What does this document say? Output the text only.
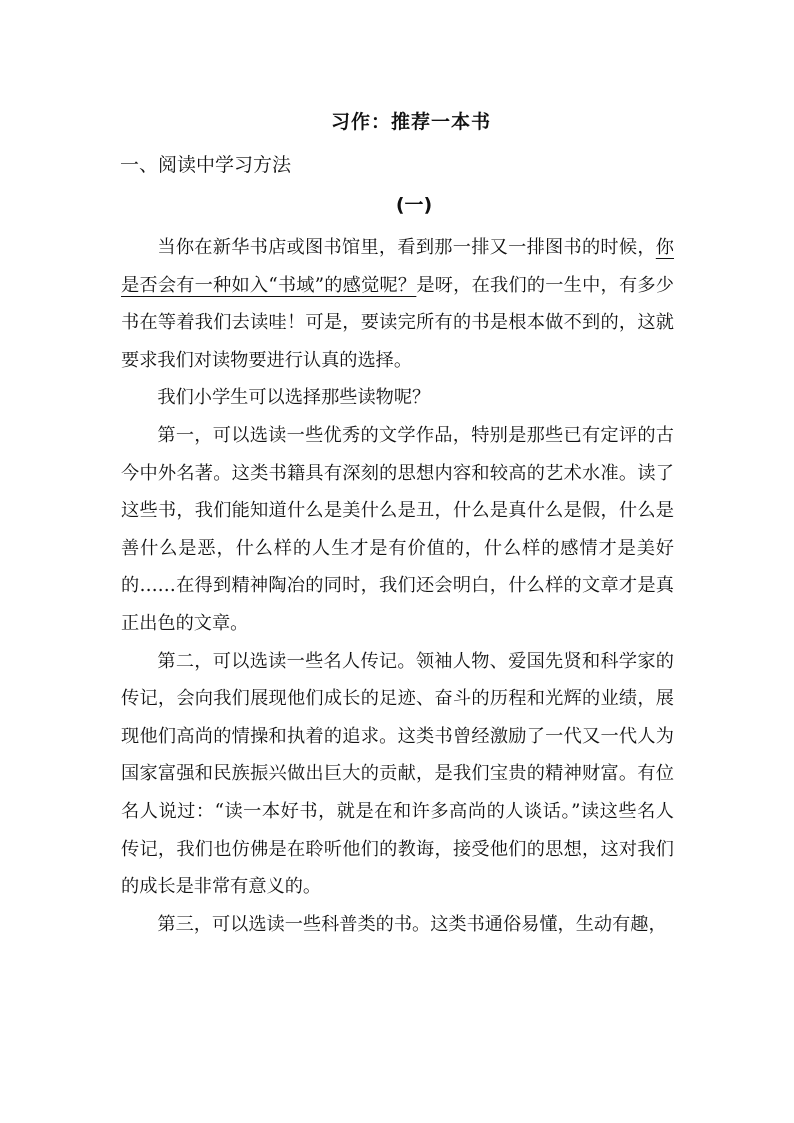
习作：推荐一本书
一、阅读中学习方法
(一)

当你在新华书店或图书馆里，看到那一排又一排图书的时候，你是否会有一种如入“书域”的感觉呢？是呀，在我们的一生中，有多少书在等着我们去读哇！可是，要读完所有的书是根本做不到的，这就要求我们对读物要进行认真的选择。

我们小学生可以选择那些读物呢？

第一，可以选读一些优秀的文学作品，特别是那些已有定评的古今中外名著。这类书籍具有深刻的思想内容和较高的艺术水准。读了这些书，我们能知道什么是美什么是丑，什么是真什么是假，什么是善什么是恶，什么样的人生才是有价值的，什么样的感情才是美好的……在得到精神陶冶的同时，我们还会明白，什么样的文章才是真正出色的文章。

第二，可以选读一些名人传记。领袖人物、爱国先贤和科学家的传记，会向我们展现他们成长的足迹、奋斗的历程和光辉的业绩，展现他们高尚的情操和执着的追求。这类书曾经激励了一代又一代人为国家富强和民族振兴做出巨大的贡献，是我们宝贵的精神财富。有位名人说过：“读一本好书，就是在和许多高尚的人谈话。”读这些名人传记，我们也仿佛是在聆听他们的教诲，接受他们的思想，这对我们的成长是非常有意义的。

第三，可以选读一些科普类的书。这类书通俗易懂，生动有趣，
